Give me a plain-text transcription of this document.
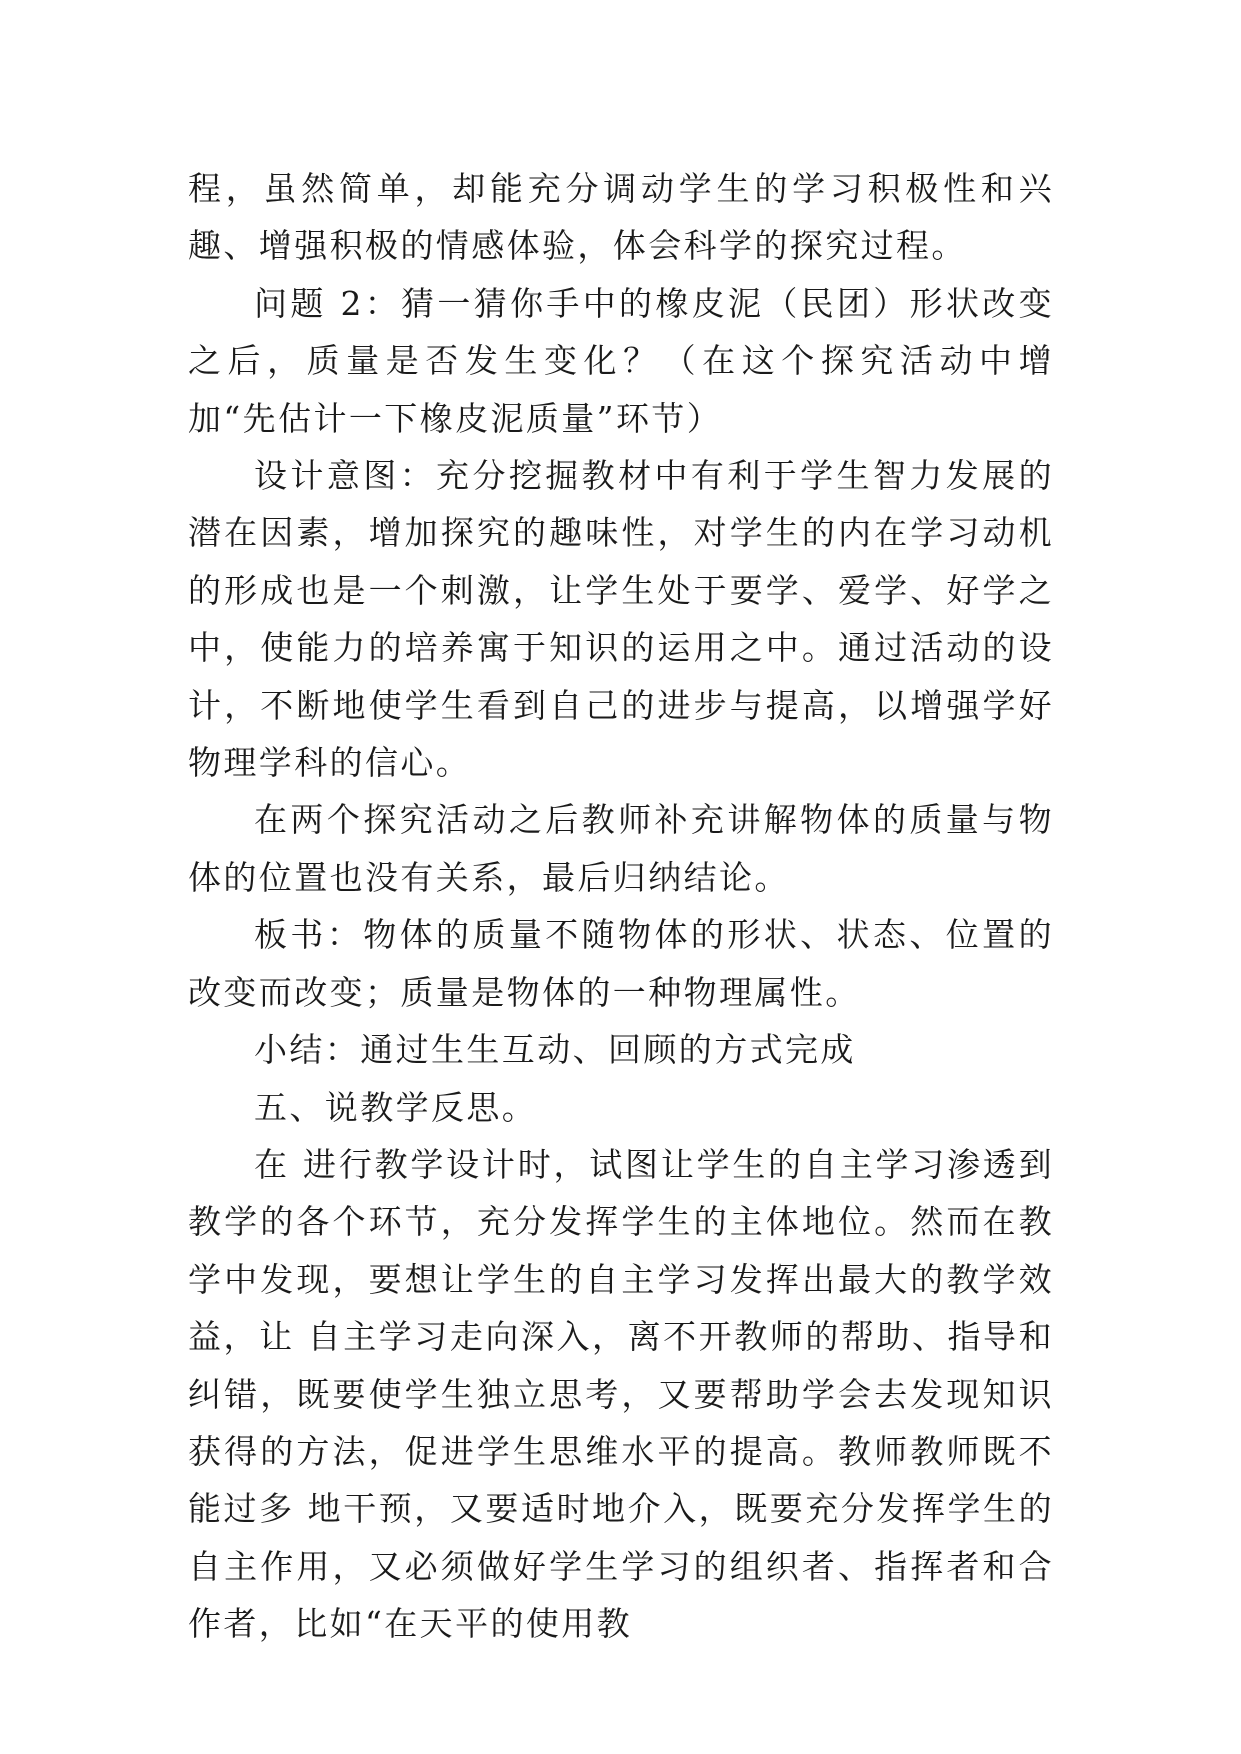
程，虽然简单，却能充分调动学生的学习积极性和兴趣、增强积极的情感体验，体会科学的探究过程。

问题 2：猜一猜你手中的橡皮泥（民团）形状改变之后，质量是否发生变化？（在这个探究活动中增加“先估计一下橡皮泥质量”环节）

设计意图：充分挖掘教材中有利于学生智力发展的潜在因素，增加探究的趣味性，对学生的内在学习动机的形成也是一个刺激，让学生处于要学、爱学、好学之中，使能力的培养寓于知识的运用之中。通过活动的设计，不断地使学生看到自己的进步与提高，以增强学好物理学科的信心。

在两个探究活动之后教师补充讲解物体的质量与物体的位置也没有关系，最后归纳结论。

板书：物体的质量不随物体的形状、状态、位置的改变而改变；质量是物体的一种物理属性。

小结：通过生生互动、回顾的方式完成

五、说教学反思。

在 进行教学设计时，试图让学生的自主学习渗透到教学的各个环节，充分发挥学生的主体地位。然而在教学中发现，要想让学生的自主学习发挥出最大的教学效益，让 自主学习走向深入，离不开教师的帮助、指导和纠错，既要使学生独立思考，又要帮助学会去发现知识获得的方法，促进学生思维水平的提高。教师教师既不能过多 地干预，又要适时地介入，既要充分发挥学生的自主作用，又必须做好学生学习的组织者、指挥者和合作者，比如“在天平的使用教
